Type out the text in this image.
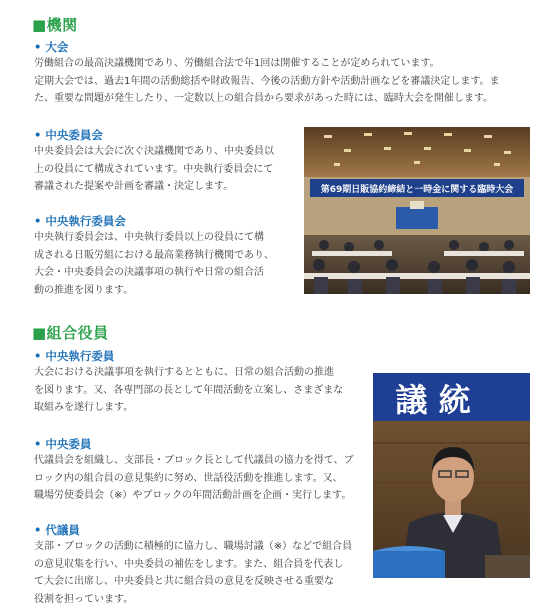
■機関
• 大会
労働組合の最高決議機関であり、労働組合法で年1回は開催することが定められています。
定期大会では、過去1年間の活動総括や財政報告、今後の活動方針や活動計画などを審議決定します。ま
た、重要な問題が発生したり、一定数以上の組合員から要求があった時には、臨時大会を開催します。
• 中央委員会
中央委員会は大会に次ぐ決議機関であり、中央委員以
上の役員にて構成されています。中央執行委員会にて
審議された提案や計画を審議・決定します。
• 中央執行委員会
中央執行委員会は、中央執行委員以上の役員にて構
成される日販労組における最高業務執行機関であり、
大会・中央委員会の決議事項の執行や日常の組合活
動の推進を図ります。
第69期日販協約締結と一時金に関する臨時大会
■組合役員
• 中央執行委員
大会における決議事項を執行するとともに、日常の組合活動の推進
を図ります。又、各専門部の長として年間活動を立案し、さまざまな
取組みを遂行します。
• 中央委員
代議員会を組織し、支部長・ブロック長として代議員の協力を得て、ブ
ロック内の組合員の意見集約に努め、世話役活動を推進します。又、
職場労使委員会（※）やブロックの年間活動計画を企画・実行します。
• 代議員
支部・ブロックの活動に積極的に協力し、職場討議（※）などで組合員
の意見収集を行い、中央委員の補佐をします。また、組合員を代表し
て大会に出席し、中央委員と共に組合員の意見を反映させる重要な
役割を担っています。
議 統
